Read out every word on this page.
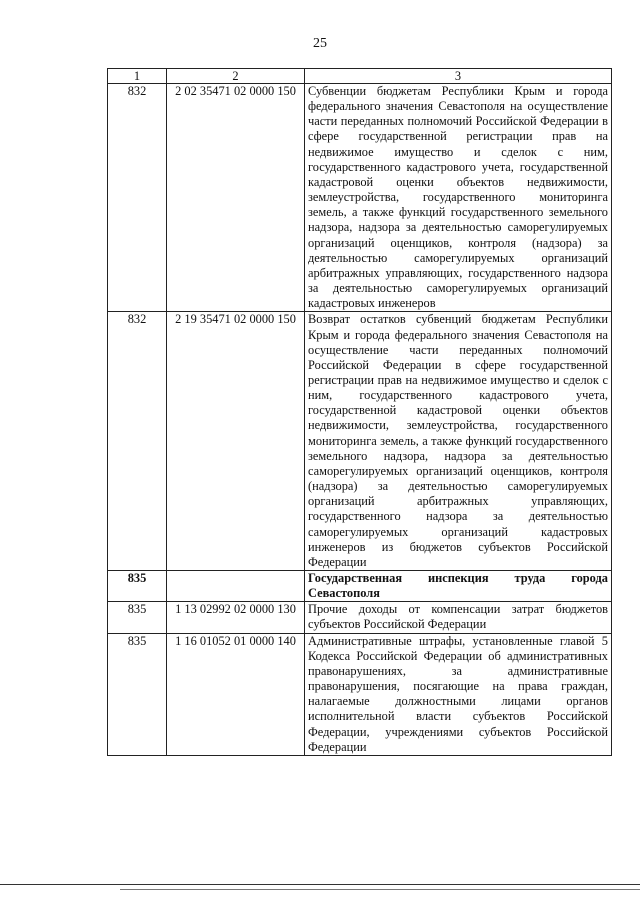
25
1	2	3
832	2 02 35471 02 0000 150	Субвенции бюджетам Республики Крым и города федерального значения Севастополя на осуществление части переданных полномочий Российской Федерации в сфере государственной регистрации прав на недвижимое имущество и сделок с ним, государственного кадастрового учета, государственной кадастровой оценки объектов недвижимости, землеустройства, государственного мониторинга земель, а также функций государственного земельного надзора, надзора за деятельностью саморегулируемых организаций оценщиков, контроля (надзора) за деятельностью саморегулируемых организаций арбитражных управляющих, государственного надзора за деятельностью саморегулируемых организаций кадастровых инженеров
832	2 19 35471 02 0000 150	Возврат остатков субвенций бюджетам Республики Крым и города федерального значения Севастополя на осуществление части переданных полномочий Российской Федерации в сфере государственной регистрации прав на недвижимое имущество и сделок с ним, государственного кадастрового учета, государственной кадастровой оценки объектов недвижимости, землеустройства, государственного мониторинга земель, а также функций государственного земельного надзора, надзора за деятельностью саморегулируемых организаций оценщиков, контроля (надзора) за деятельностью саморегулируемых организаций арбитражных управляющих, государственного надзора за деятельностью саморегулируемых организаций кадастровых инженеров из бюджетов субъектов Российской Федерации
835		Государственная инспекция труда города Севастополя
835	1 13 02992 02 0000 130	Прочие доходы от компенсации затрат бюджетов субъектов Российской Федерации
835	1 16 01052 01 0000 140	Административные штрафы, установленные главой 5 Кодекса Российской Федерации об административных правонарушениях, за административные правонарушения, посягающие на права граждан, налагаемые должностными лицами органов исполнительной власти субъектов Российской Федерации, учреждениями субъектов Российской Федерации
